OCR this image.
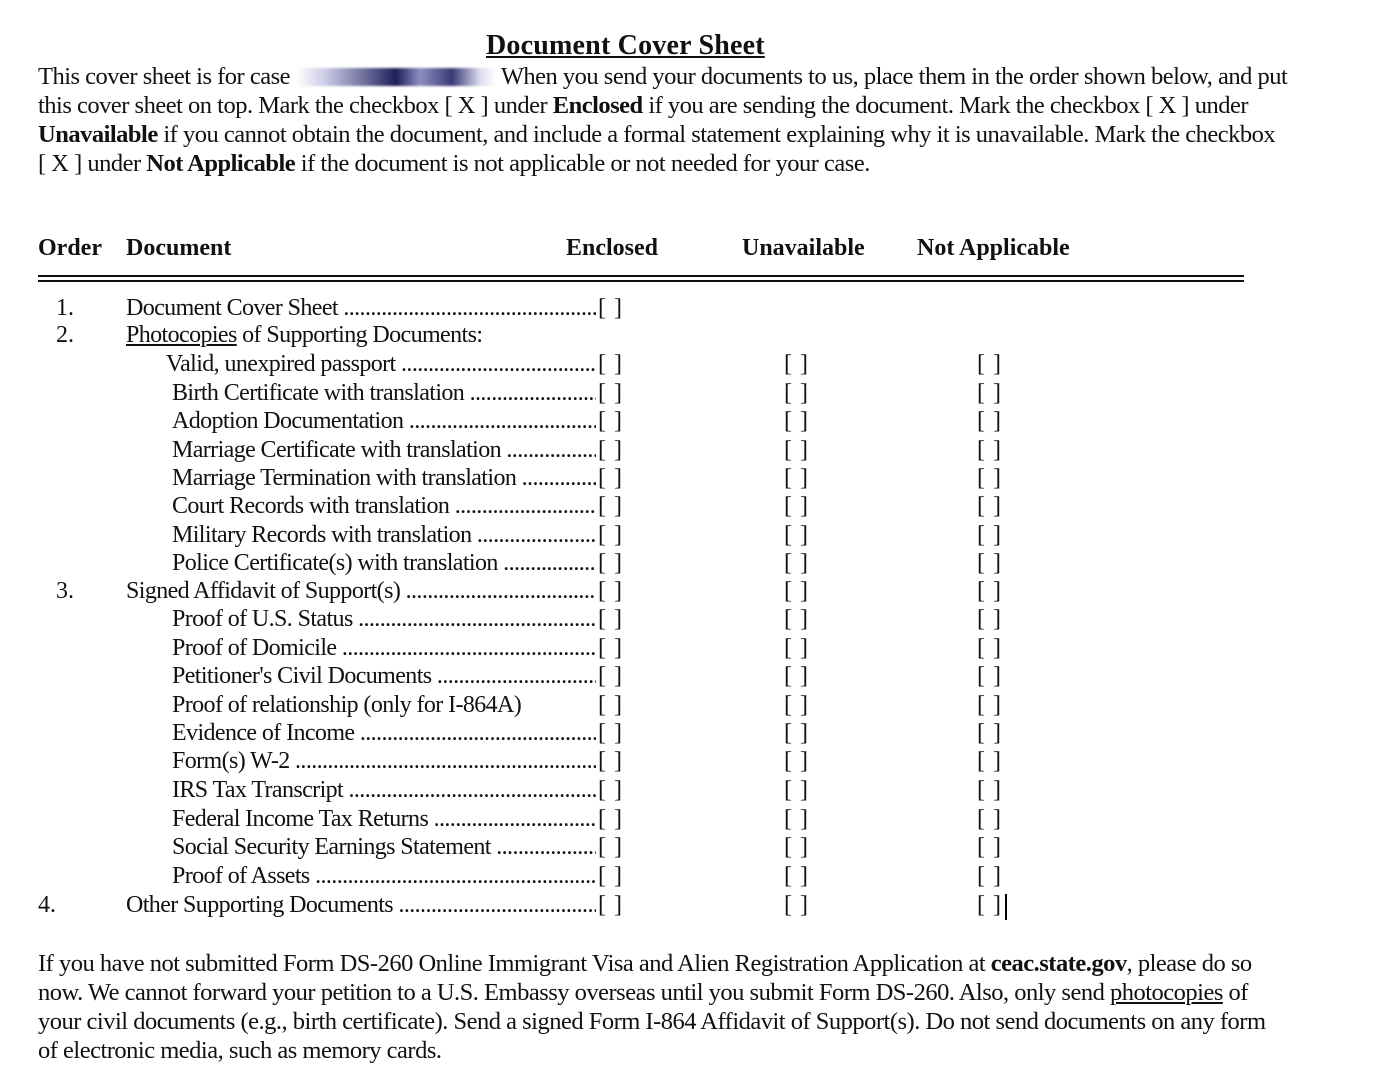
Document Cover Sheet
This cover sheet is for case	When you send your documents to us, place them in the order shown below, and put this cover sheet on top. Mark the checkbox [ X ] under Enclosed if you are sending the document. Mark the checkbox [ X ] under Unavailable if you cannot obtain the document, and include a formal statement explaining why it is unavailable. Mark the checkbox [ X ] under Not Applicable if the document is not applicable or not needed for your case.
Order Document	Enclosed	Unavailable Not Applicable
1. Document Cover Sheet .....	[ ]
2. Photocopies of Supporting Documents:
Valid, unexpired passport .....	[ ]	[ ]	[ ]
Birth Certificate with translation .....	[ ]	[ ]	[ ]
Adoption Documentation .....	[ ]	[ ]	[ ]
Marriage Certificate with translation .....	[ ]	[ ]	[ ]
Marriage Termination with translation .....	[ ]	[ ]	[ ]
Court Records with translation .....	[ ]	[ ]	[ ]
Military Records with translation .....	[ ]	[ ]	[ ]
Police Certificate(s) with translation .....	[ ]	[ ]	[ ]
3. Signed Affidavit of Support(s) .....	[ ]	[ ]	[ ]
Proof of U.S. Status .....	[ ]	[ ]	[ ]
Proof of Domicile .....	[ ]	[ ]	[ ]
Petitioner's Civil Documents .....	[ ]	[ ]	[ ]
Proof of relationship (only for I-864A)	[ ]	[ ]	[ ]
Evidence of Income .....	[ ]	[ ]	[ ]
Form(s) W-2 .....	[ ]	[ ]	[ ]
IRS Tax Transcript .....	[ ]	[ ]	[ ]
Federal Income Tax Returns .....	[ ]	[ ]	[ ]
Social Security Earnings Statement .....	[ ]	[ ]	[ ]
Proof of Assets .....	[ ]	[ ]	[ ]
4.	Other Supporting Documents .....	[ ]	[ ]	[ ]
If you have not submitted Form DS-260 Online Immigrant Visa and Alien Registration Application at ceac.state.gov, please do so now. We cannot forward your petition to a U.S. Embassy overseas until you submit Form DS-260. Also, only send photocopies of your civil documents (e.g., birth certificate). Send a signed Form I-864 Affidavit of Support(s). Do not send documents on any form of electronic media, such as memory cards.
